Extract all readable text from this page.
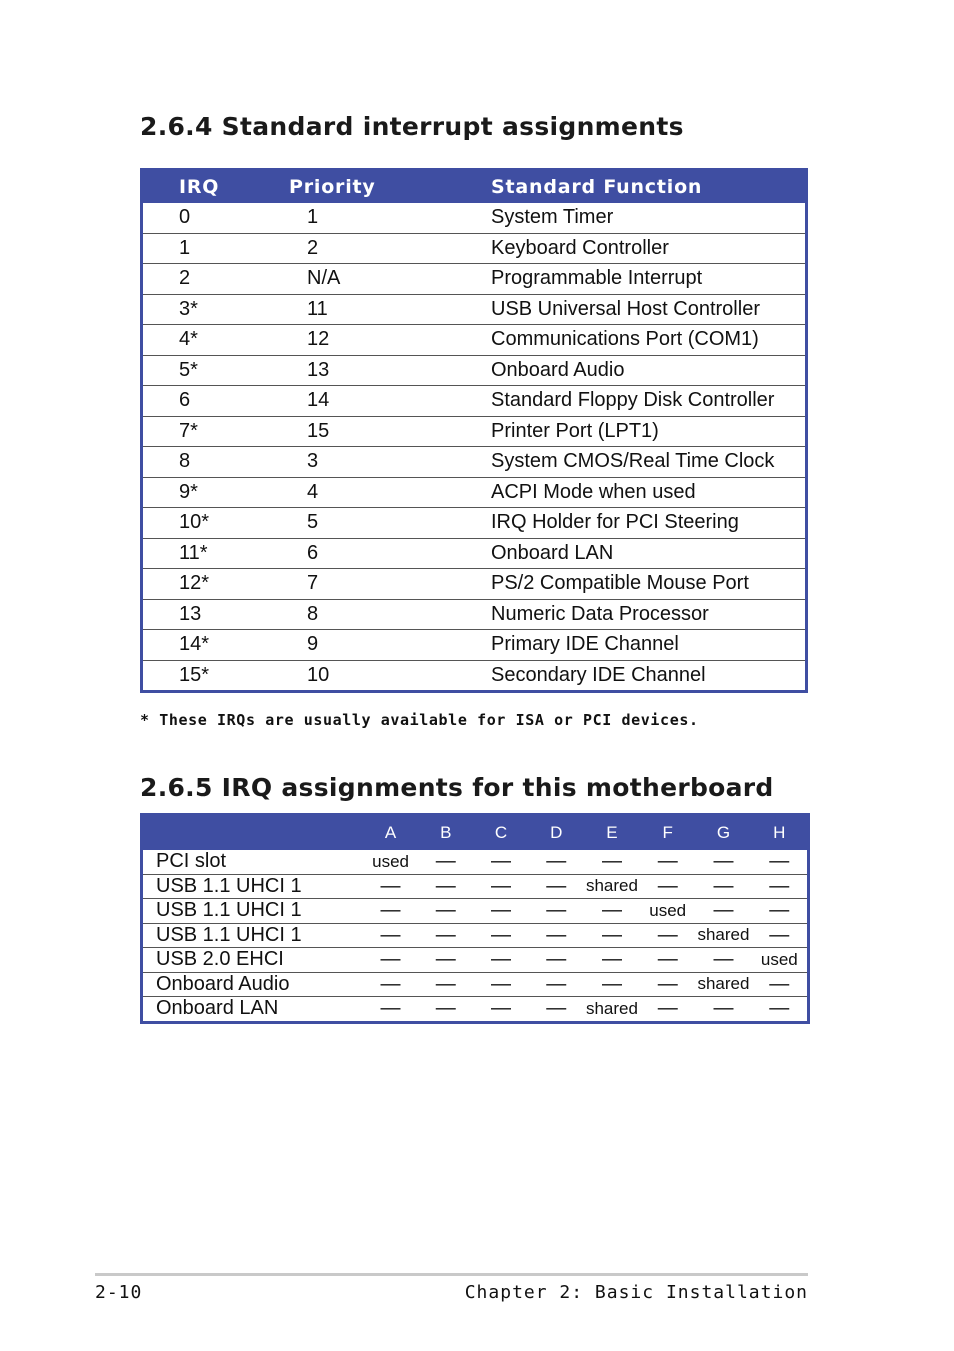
2.6.4 Standard interrupt assignments
IRQ	Priority	Standard Function
0	1	System Timer
1	2	Keyboard Controller
2	N/A	Programmable Interrupt
3*	11	USB Universal Host Controller
4*	12	Communications Port (COM1)
5*	13	Onboard Audio
6	14	Standard Floppy Disk Controller
7*	15	Printer Port (LPT1)
8	3	System CMOS/Real Time Clock
9*	4	ACPI Mode when used
10*	5	IRQ Holder for PCI Steering
11*	6	Onboard LAN
12*	7	PS/2 Compatible Mouse Port
13	8	Numeric Data Processor
14*	9	Primary IDE Channel
15*	10	Secondary IDE Channel

* These IRQs are usually available for ISA or PCI devices.

2.6.5 IRQ assignments for this motherboard
	A	B	C	D	E	F	G	H
PCI slot	used	—	—	—	—	—	—	—
USB 1.1 UHCI 1	—	—	—	—	shared	—	—	—
USB 1.1 UHCI 1	—	—	—	—	—	used	—	—
USB 1.1 UHCI 1	—	—	—	—	—	—	shared	—
USB 2.0 EHCI	—	—	—	—	—	—	—	used
Onboard Audio	—	—	—	—	—	—	shared	—
Onboard LAN	—	—	—	—	shared	—	—	—

2-10	Chapter 2: Basic Installation
